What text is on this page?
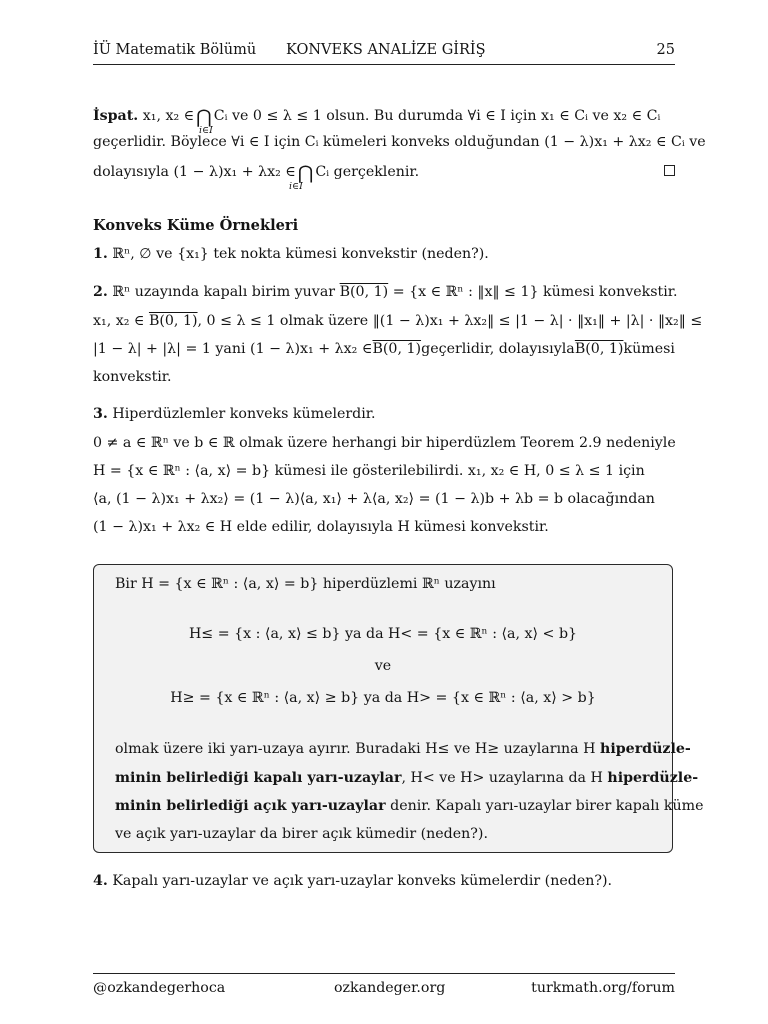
İÜ Matematik Bölümü KONVEKS ANALİZE GİRİŞ	25
İspat. x₁, x₂ ∈ ⋂ Cᵢ ve 0 ≤ λ ≤ 1 olsun. Bu durumda ∀i ∈ I için x₁ ∈ Cᵢ ve x₂ ∈ Cᵢ
i∈I
geçerlidir. Böylece ∀i ∈ I için Cᵢ kümeleri konveks olduğundan (1 − λ)x₁ + λx₂ ∈ Cᵢ ve
dolayısıyla (1 − λ)x₁ + λx₂ ∈ ⋂ Cᵢ gerçeklenir.
i∈I
Konveks Küme Örnekleri
1. ℝⁿ, ∅ ve {x₁} tek nokta kümesi konvekstir (neden?).
2. ℝⁿ uzayında kapalı birim yuvar B(0, 1) = {x ∈ ℝⁿ : ‖x‖ ≤ 1} kümesi konvekstir.
x₁, x₂ ∈ B(0, 1), 0 ≤ λ ≤ 1 olmak üzere ‖(1 − λ)x₁ + λx₂‖ ≤ |1 − λ| · ‖x₁‖ + |λ| · ‖x₂‖ ≤
|1 − λ| + |λ| = 1 yani (1 − λ)x₁ + λx₂ ∈ B(0, 1) geçerlidir, dolayısıyla B(0, 1) kümesi
konvekstir.
3. Hiperdüzlemler konveks kümelerdir.
0 ≠ a ∈ ℝⁿ ve b ∈ ℝ olmak üzere herhangi bir hiperdüzlem Teorem 2.9 nedeniyle
H = {x ∈ ℝⁿ : ⟨a, x⟩ = b} kümesi ile gösterilebilirdi. x₁, x₂ ∈ H, 0 ≤ λ ≤ 1 için
⟨a, (1 − λ)x₁ + λx₂⟩ = (1 − λ)⟨a, x₁⟩ + λ⟨a, x₂⟩ = (1 − λ)b + λb = b olacağından
(1 − λ)x₁ + λx₂ ∈ H elde edilir, dolayısıyla H kümesi konvekstir.
Bir H = {x ∈ ℝⁿ : ⟨a, x⟩ = b} hiperdüzlemi ℝⁿ uzayını
H≤ = {x : ⟨a, x⟩ ≤ b} ya da H< = {x ∈ ℝⁿ : ⟨a, x⟩ < b}
ve
H≥ = {x ∈ ℝⁿ : ⟨a, x⟩ ≥ b} ya da H> = {x ∈ ℝⁿ : ⟨a, x⟩ > b}
olmak üzere iki yarı-uzaya ayırır. Buradaki H≤ ve H≥ uzaylarına H hiperdüzle-
minin belirlediği kapalı yarı-uzaylar, H< ve H> uzaylarına da H hiperdüzle-
minin belirlediği açık yarı-uzaylar denir. Kapalı yarı-uzaylar birer kapalı küme
ve açık yarı-uzaylar da birer açık kümedir (neden?).
4. Kapalı yarı-uzaylar ve açık yarı-uzaylar konveks kümelerdir (neden?).
@ozkandegerhoca	ozkandeger.org	turkmath.org/forum
